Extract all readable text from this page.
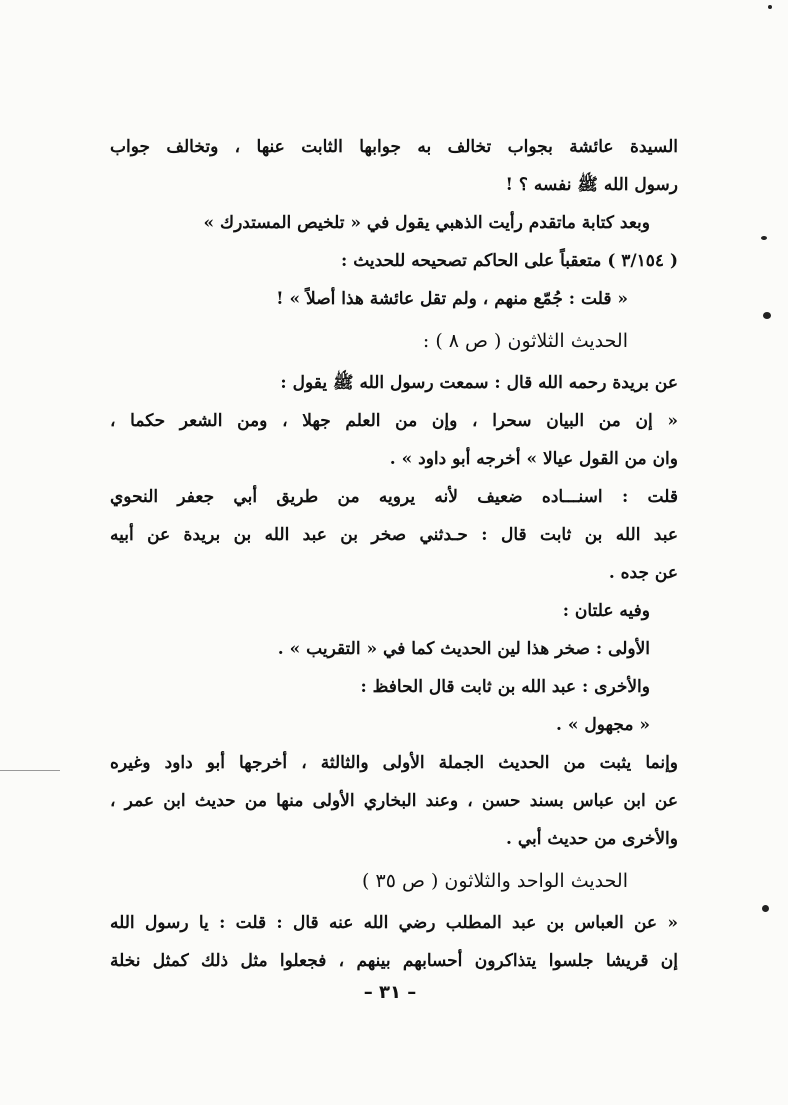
السيدة عائشة بجواب تخالف به جوابها الثابت عنها ، وتخالف جواب
رسول الله ﷺ نفسه ؟ !
وبعد كتابة ماتقدم رأيت الذهبي يقول في « تلخيص المستدرك »
( ٣/١٥٤ ) متعقباً على الحاكم تصحيحه للحديث :
« قلت : جُمّع منهم ، ولم تقل عائشة هذا أصلاً » !
الحديث الثلاثون ( ص ٨ ) :
عن بريدة رحمه الله قال : سمعت رسول الله ﷺ يقول :
« إن من البيان سحرا ، وإن من العلم جهلا ، ومن الشعر حكما ،
وان من القول عيالا » أخرجه أبو داود » .
قلت : اسنـــاده ضعيف لأنه يرويه من طريق أبي جعفر النحوي
عبد الله بن ثابت قال : حـدثني صخر بن عبد الله بن بريدة عن أبيه
عن جده .
وفيه علتان :
الأولى : صخر هذا لين الحديث كما في « التقريب » .
والأخرى : عبد الله بن ثابت قال الحافظ :
« مجهول » .
وإنما يثبت من الحديث الجملة الأولى والثالثة ، أخرجها أبو داود وغيره
عن ابن عباس بسند حسن ، وعند البخاري الأولى منها من حديث ابن عمر ،
والأخرى من حديث أبي .
الحديث الواحد والثلاثون ( ص ٣٥ )
« عن العباس بن عبد المطلب رضي الله عنه قال : قلت : يا رسول الله
إن قريشا جلسوا يتذاكرون أحسابهم بينهم ، فجعلوا مثل ذلك كمثل نخلة
– ٣١ –
